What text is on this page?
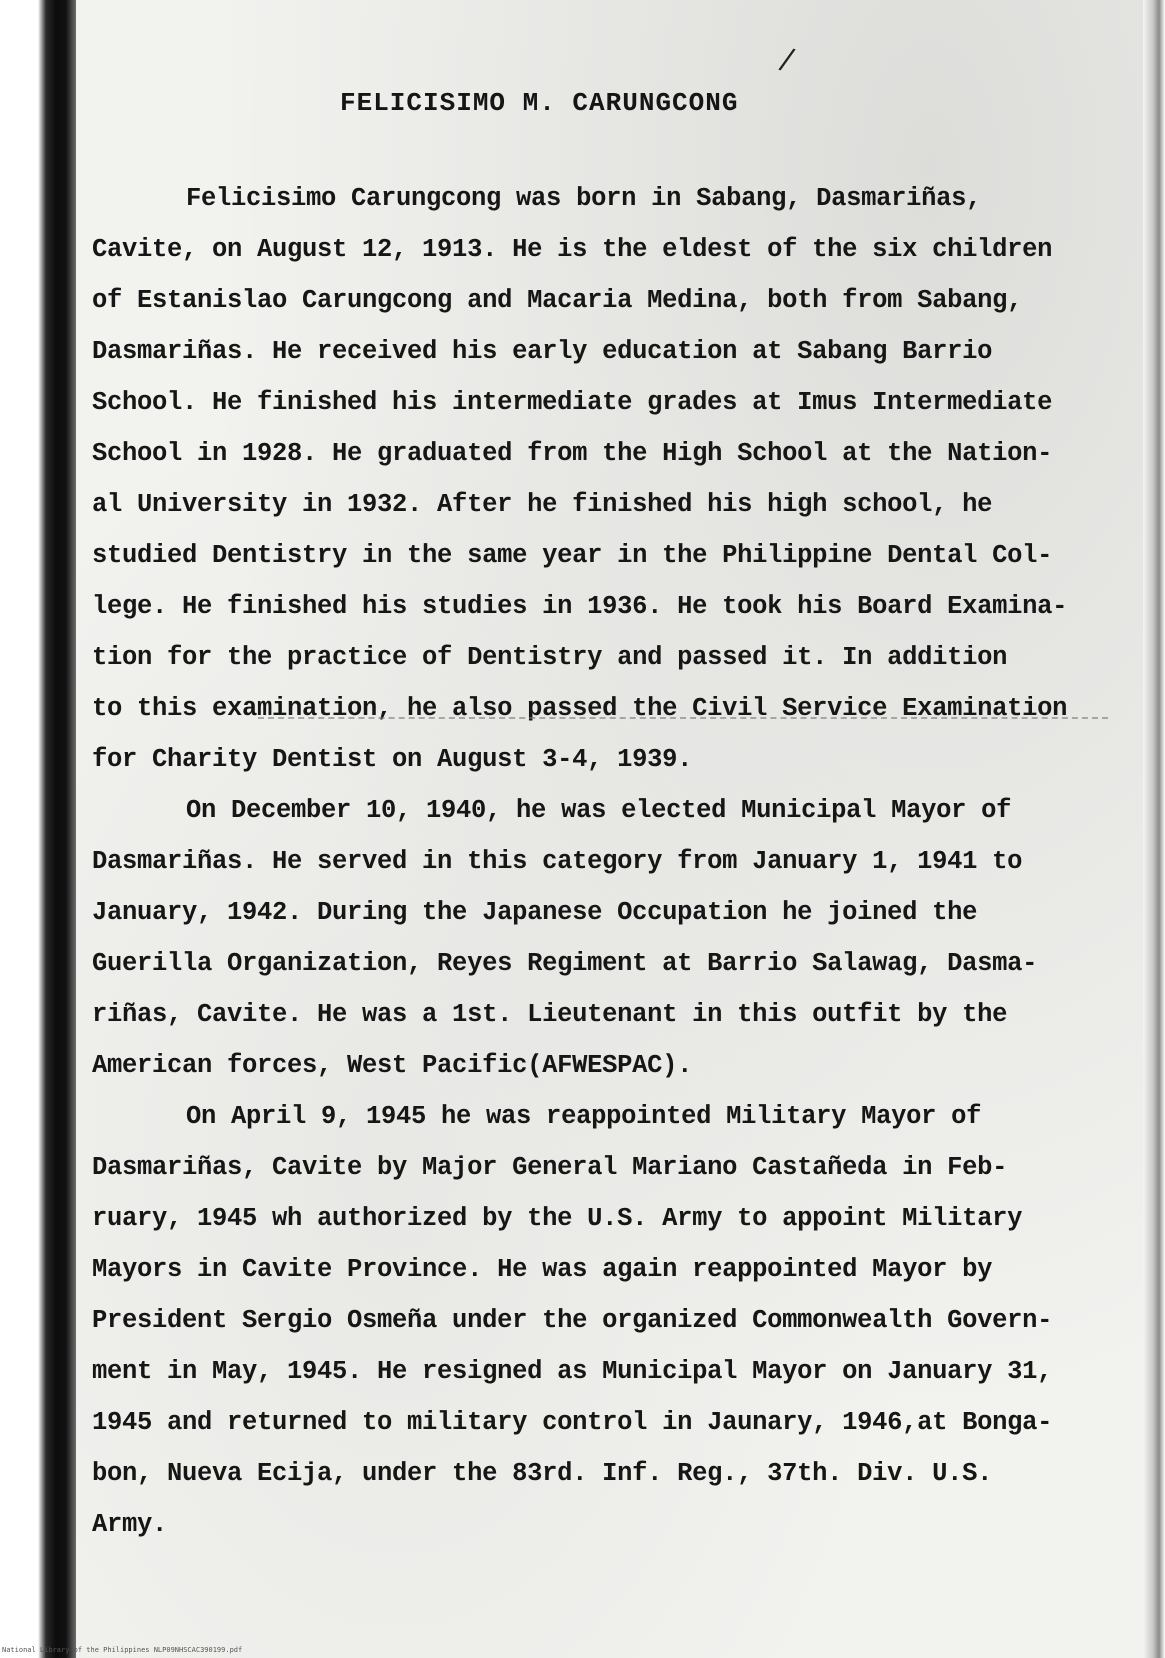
/
FELICISIMO M. CARUNGCONG
Felicisimo Carungcong was born in Sabang, Dasmariñas,
Cavite, on August 12, 1913. He is the eldest of the six children
of Estanislao Carungcong and Macaria Medina, both from Sabang,
Dasmariñas. He received his early education at Sabang Barrio
School. He finished his intermediate grades at Imus Intermediate
School in 1928. He graduated from the High School at the Nation-
al University in 1932. After he finished his high school, he
studied Dentistry in the same year in the Philippine Dental Col-
lege. He finished his studies in 1936. He took his Board Examina-
tion for the practice of Dentistry and passed it. In addition
to this examination, he also passed the Civil Service Examination
for Charity Dentist on August 3-4, 1939.
On December 10, 1940, he was elected Municipal Mayor of
Dasmariñas. He served in this category from January 1, 1941 to
January, 1942. During the Japanese Occupation he joined the
Guerilla Organization, Reyes Regiment at Barrio Salawag, Dasma-
riñas, Cavite. He was a 1st. Lieutenant in this outfit by the
American forces, West Pacific(AFWESPAC).
On April 9, 1945 he was reappointed Military Mayor of
Dasmariñas, Cavite by Major General Mariano Castañeda in Feb-
ruary, 1945 wh authorized by the U.S. Army to appoint Military
Mayors in Cavite Province. He was again reappointed Mayor by
President Sergio Osmeña under the organized Commonwealth Govern-
ment in May, 1945. He resigned as Municipal Mayor on January 31,
1945 and returned to military control in Jaunary, 1946,at Bonga-
bon, Nueva Ecija, under the 83rd. Inf. Reg., 37th. Div. U.S.
Army.
National Library of the Philippines NLP09NHSCAC390199.pdf
